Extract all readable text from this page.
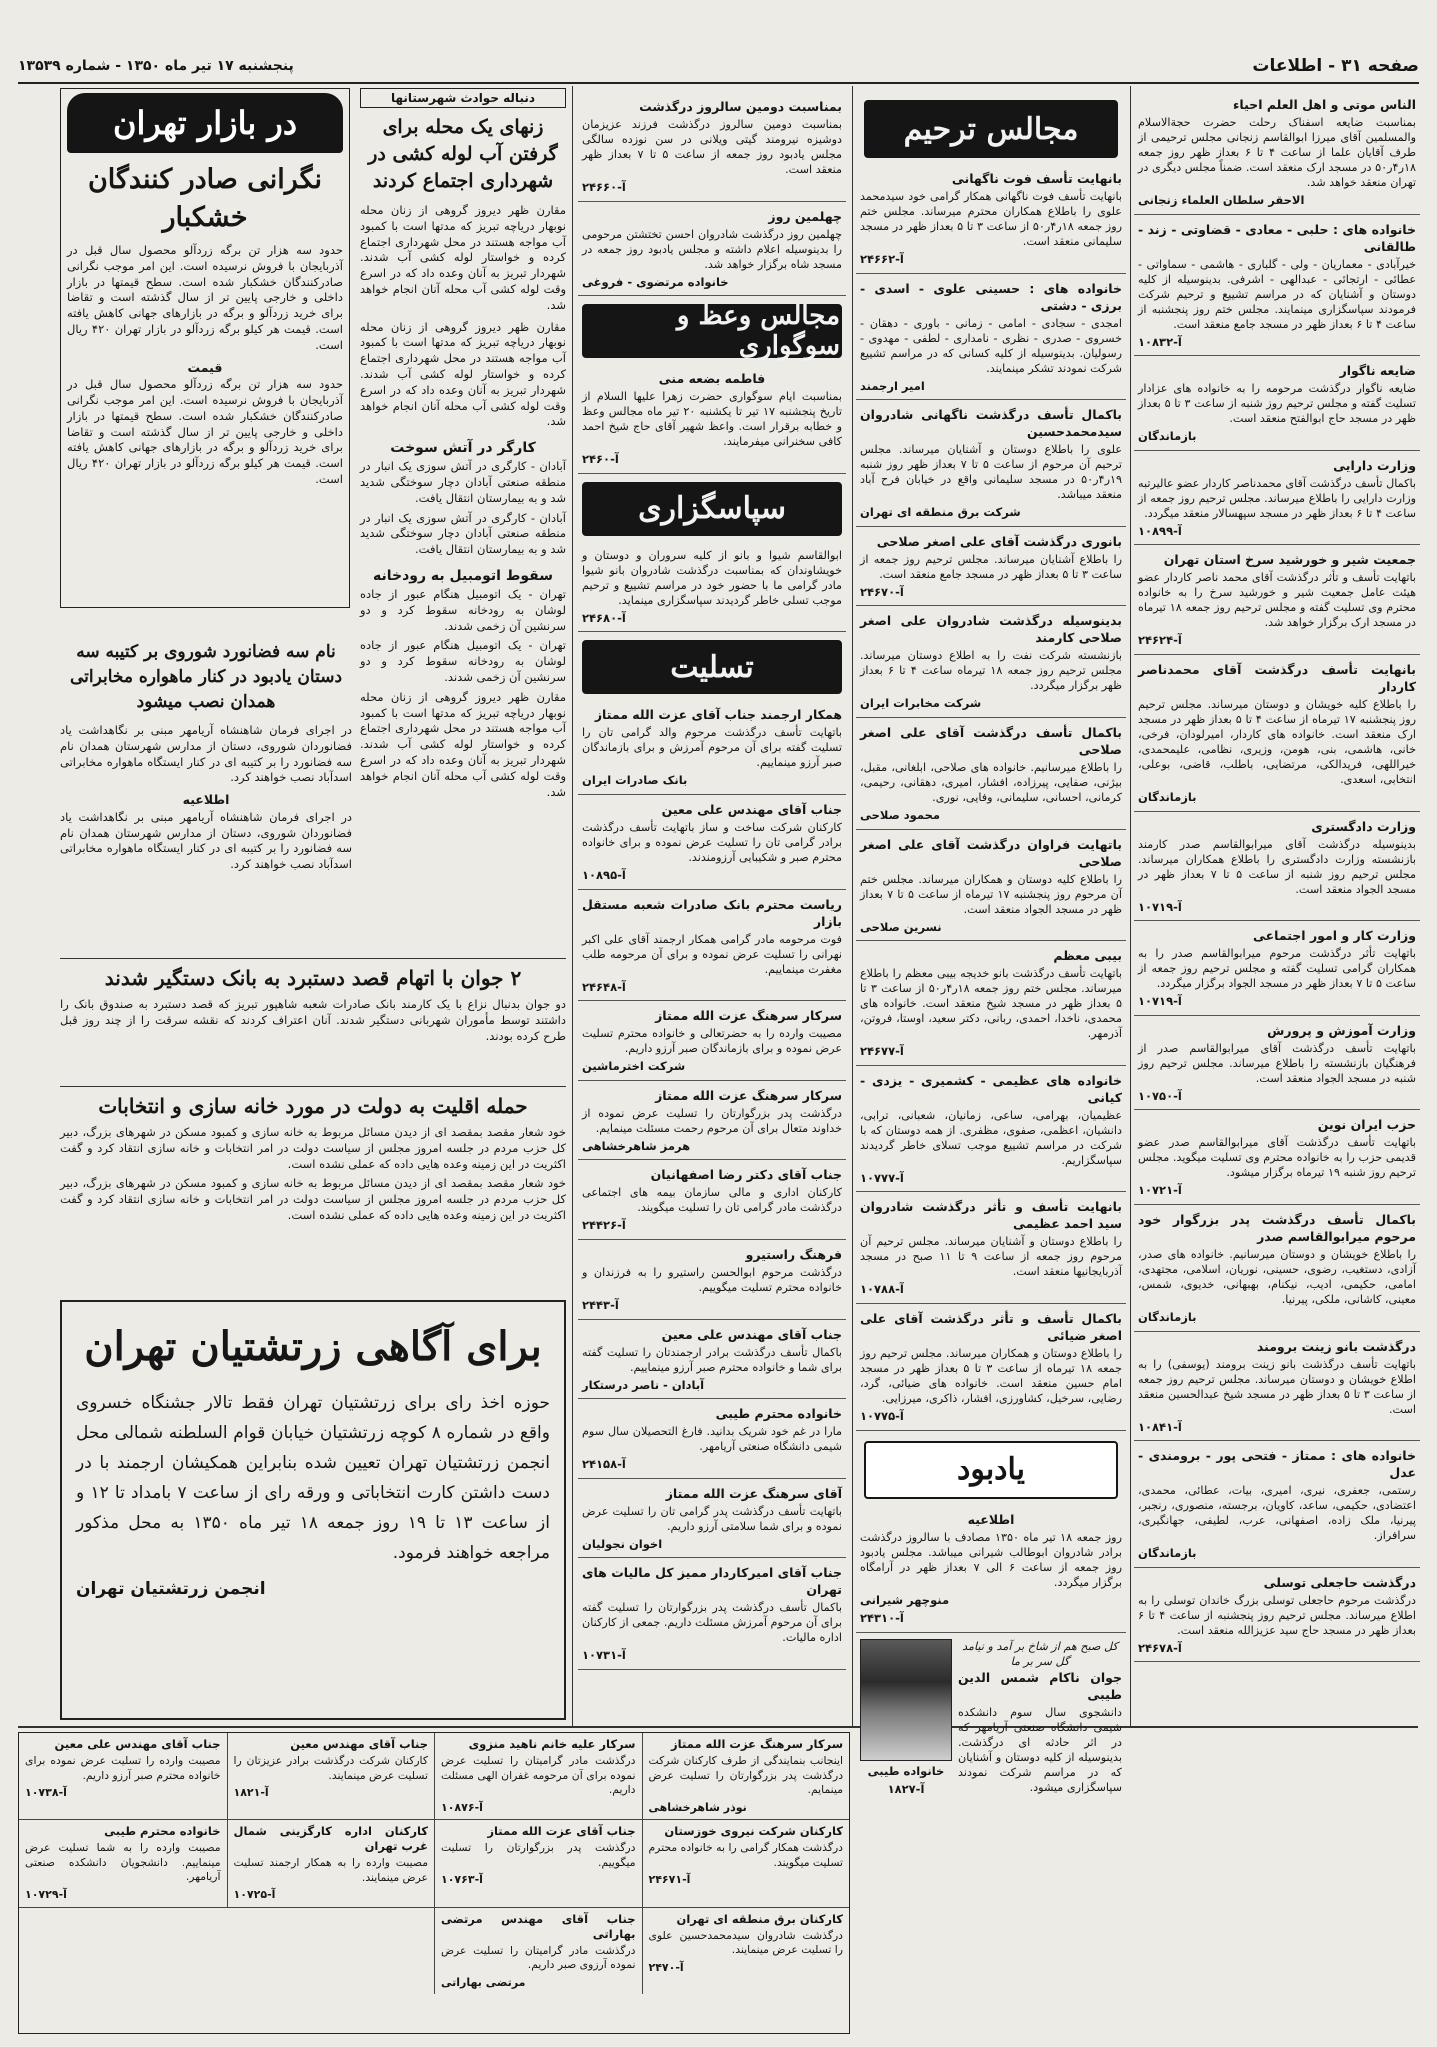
صفحه ۳۱ - اطلاعات
پنجشنبه ۱۷ تیر ماه ۱۳۵۰ - شماره ۱۳۵۳۹

الناس موتی و اهل العلم احیاء

بمناسبت ضایعه اسفناک رحلت حضرت حجةالاسلام والمسلمین آقای میرزا ابوالقاسم زنجانی مجلس ترحیمی از طرف آقایان علما از ساعت ۴ تا ۶ بعداز ظهر روز جمعه ۱۸ر۴ر۵۰ در مسجد ارک منعقد است. ضمناً مجلس دیگری در تهران منعقد خواهد شد.

الاحقر سلطان العلماء زنجانی

خانواده های : حلبی - معادی - قضاوتی - زند - طالقانی

خیرآبادی - معماریان - ولی - گلباری - هاشمی - سماواتی - عطائی - ارتجائی - عبدالهی - اشرفی. بدینوسیله از کلیه دوستان و آشنایان که در مراسم تشییع و ترحیم شرکت فرمودند سپاسگزاری مینمایند. مجلس ختم روز پنجشنبه از ساعت ۴ تا ۶ بعداز ظهر در مسجد جامع منعقد است.

آ-۱۰۸۳۲

ضایعه ناگوار

ضایعه ناگوار درگذشت مرحومه را به خانواده های عزادار تسلیت گفته و مجلس ترحیم روز شنبه از ساعت ۳ تا ۵ بعداز ظهر در مسجد حاج ابوالفتح منعقد است.

بازماندگان

وزارت دارایی

باکمال تأسف درگذشت آقای محمدناصر کاردار عضو عالیرتبه وزارت دارایی را باطلاع میرساند. مجلس ترحیم روز جمعه از ساعت ۴ تا ۶ بعداز ظهر در مسجد سپهسالار منعقد میگردد.

آ-۱۰۸۹۹

جمعیت شیر و خورشید سرخ استان تهران

باتهایت تأسف و تأثر درگذشت آقای محمد ناصر کاردار عضو هیئت عامل جمعیت شیر و خورشید سرخ را به خانواده محترم وی تسلیت گفته و مجلس ترحیم روز جمعه ۱۸ تیرماه در مسجد ارک برگزار خواهد شد.

آ-۲۴۶۲۴

بانهایت تأسف درگذشت آقای محمدناصر کاردار

را باطلاع کلیه خویشان و دوستان میرساند. مجلس ترحیم روز پنجشنبه ۱۷ تیرماه از ساعت ۴ تا ۵ بعداز ظهر در مسجد ارک منعقد است. خانواده های کاردار، امیرلودان، فرخی، خانی، هاشمی، بنی، هومن، وزیری، نظامی، علیمحمدی، خیراللهی، فریدالکی، مرتضایی، باطلب، قاضی، بوعلی، انتخابی، اسعدی.

بازماندگان

وزارت دادگستری

بدینوسیله درگذشت آقای میرابوالقاسم صدر کارمند بازنشسته وزارت دادگستری را باطلاع همکاران میرساند. مجلس ترحیم روز شنبه از ساعت ۵ تا ۷ بعداز ظهر در مسجد الجواد منعقد است.

آ-۱۰۷۱۹

وزارت کار و امور اجتماعی

باتهایت تأثر درگذشت مرحوم میرابوالقاسم صدر را به همکاران گرامی تسلیت گفته و مجلس ترحیم روز جمعه از ساعت ۵ تا ۷ بعداز ظهر در مسجد الجواد برگزار میگردد.

آ-۱۰۷۱۹

وزارت آموزش و پرورش

باتهایت تأسف درگذشت آقای میرابوالقاسم صدر از فرهنگیان بازنشسته را باطلاع میرساند. مجلس ترحیم روز شنبه در مسجد الجواد منعقد است.

آ-۱۰۷۵۰

حزب ایران نوین

باتهایت تأسف درگذشت آقای میرابوالقاسم صدر عضو قدیمی حزب را به خانواده محترم وی تسلیت میگوید. مجلس ترحیم روز شنبه ۱۹ تیرماه برگزار میشود.

آ-۱۰۷۲۱

باکمال تأسف درگذشت پدر بزرگوار خود مرحوم میرابوالقاسم صدر

را باطلاع خویشان و دوستان میرسانیم. خانواده های صدر، آزادی، دستغیب، رضوی، حسینی، نوریان، اسلامی، مجتهدی، امامی، حکیمی، ادیب، نیکنام، بهبهانی، خدیوی، شمس، معینی، کاشانی، ملکی، پیرنیا.

بازماندگان

درگذشت بانو زینت برومند

باتهایت تأسف درگذشت بانو زینت برومند (یوسفی) را به اطلاع خویشان و دوستان میرساند. مجلس ترحیم روز جمعه از ساعت ۳ تا ۵ بعداز ظهر در مسجد شیخ عبدالحسین منعقد است.

آ-۱۰۸۴۱

خانواده های : ممتاز - فتحی پور - برومندی - عدل

رستمی، جعفری، نیری، امیری، بیات، عطائی، محمدی، اعتضادی، حکیمی، ساعد، کاویان، برجسته، منصوری، رنجبر، پیرنیا، ملک زاده، اصفهانی، عرب، لطیفی، جهانگیری، سرافراز.

بازماندگان

درگذشت حاجعلی توسلی

درگذشت مرحوم حاجعلی توسلی بزرگ خاندان توسلی را به اطلاع میرساند. مجلس ترحیم روز پنجشنبه از ساعت ۴ تا ۶ بعداز ظهر در مسجد حاج سید عزیزالله منعقد است.

آ-۲۴۶۷۸

مجالس ترحیم

بانهایت تأسف فوت ناگهانی

بانهایت تأسف فوت ناگهانی همکار گرامی خود سیدمحمد علوی را باطلاع همکاران محترم میرساند. مجلس ختم روز جمعه ۱۸ر۴ر۵۰ از ساعت ۳ تا ۵ بعداز ظهر در مسجد سلیمانی منعقد است.

آ-۲۴۶۶۲

خانواده های : حسینی علوی - اسدی - برزی - دشتی

امجدی - سجادی - امامی - زمانی - باوری - دهقان - خسروی - صدری - نظری - نامداری - لطفی - مهدوی - رسولیان. بدینوسیله از کلیه کسانی که در مراسم تشییع شرکت نمودند تشکر مینمایند.

امیر ارجمند

باکمال تأسف درگذشت ناگهانی شادروان سیدمحمدحسین

علوی را باطلاع دوستان و آشنایان میرساند. مجلس ترحیم آن مرحوم از ساعت ۵ تا ۷ بعداز ظهر روز شنبه ۱۹ر۴ر۵۰ در مسجد سلیمانی واقع در خیابان فرح آباد منعقد میباشد.

شرکت برق منطقه ای تهران

بانوری درگذشت آقای علی اصغر صلاحی

را باطلاع آشنایان میرساند. مجلس ترحیم روز جمعه از ساعت ۳ تا ۵ بعداز ظهر در مسجد جامع منعقد است.

آ-۲۴۶۷۰

بدینوسیله درگذشت شادروان علی اصغر صلاحی کارمند

بازنشسته شرکت نفت را به اطلاع دوستان میرساند. مجلس ترحیم روز جمعه ۱۸ تیرماه ساعت ۴ تا ۶ بعداز ظهر برگزار میگردد.

شرکت مخابرات ایران

باکمال تأسف درگذشت آقای علی اصغر صلاحی

را باطلاع میرسانیم. خانواده های صلاحی، ابلغانی، مقبل، بیژنی، صفایی، پیرزاده، افشار، امیری، دهقانی، رحیمی، کرمانی، احسانی، سلیمانی، وفایی، نوری.

محمود صلاحی

باتهایت فراوان درگذشت آقای علی اصغر صلاحی

را باطلاع کلیه دوستان و همکاران میرساند. مجلس ختم آن مرحوم روز پنجشنبه ۱۷ تیرماه از ساعت ۵ تا ۷ بعداز ظهر در مسجد الجواد منعقد است.

نسرین صلاحی

بیبی معظم

باتهایت تأسف درگذشت بانو خدیجه بیبی معظم را باطلاع میرساند. مجلس ختم روز جمعه ۱۸ر۴ر۵۰ از ساعت ۳ تا ۵ بعداز ظهر در مسجد شیخ منعقد است. خانواده های محمدی، ناخدا، احمدی، ربانی، دکتر سعید، اوستا، فروتن، آذرمهر.

آ-۲۴۶۷۷

خانواده های عظیمی - کشمیری - یزدی - کیانی

عظیمیان، بهرامی، ساعی، زمانیان، شعبانی، ترابی، دانشیان، اعظمی، صفوی، مظفری. از همه دوستان که با شرکت در مراسم تشییع موجب تسلای خاطر گردیدند سپاسگزاریم.

آ-۱۰۷۷۷

بانهایت تأسف و تأثر درگذشت شادروان سید احمد عظیمی

را باطلاع دوستان و آشنایان میرساند. مجلس ترحیم آن مرحوم روز جمعه از ساعت ۹ تا ۱۱ صبح در مسجد آذربایجانیها منعقد است.

آ-۱۰۷۸۸

باکمال تأسف و تأثر درگذشت آقای علی اصغر ضیائی

را باطلاع دوستان و همکاران میرساند. مجلس ترحیم روز جمعه ۱۸ تیرماه از ساعت ۳ تا ۵ بعداز ظهر در مسجد امام حسین منعقد است. خانواده های ضیائی، گرد، رضایی، سرخیل، کشاورزی، افشار، ذاکری، میرزایی.

آ-۱۰۷۷۵

یادبود

اطلاعیه

روز جمعه ۱۸ تیر ماه ۱۳۵۰ مصادف با سالروز درگذشت برادر شادروان ابوطالب شیرانی میباشد. مجلس یادبود روز جمعه از ساعت ۶ الی ۷ بعداز ظهر در آرامگاه برگزار میگردد.

منوچهر شیرانی

آ-۲۴۳۱۰

کل صبح هم از شاخ بر آمد و نیامد گل سر بر ما

جوان ناکام شمس الدین طیبی

دانشجوی سال سوم دانشکده شیمی دانشگاه صنعتی آریامهر که در اثر حادثه ای درگذشت. بدینوسیله از کلیه دوستان و آشنایان که در مراسم شرکت نمودند سپاسگزاری میشود.

خانواده طیبی

آ-۱۸۲۷

بمناسبت دومین سالروز درگذشت

بمناسبت دومین سالروز درگذشت فرزند عزیزمان دوشیزه نیرومند گیتی ویلانی در سن نوزده سالگی مجلس یادبود روز جمعه از ساعت ۵ تا ۷ بعداز ظهر منعقد است.

آ-۲۴۶۶۰

چهلمین روز

چهلمین روز درگذشت شادروان احسن تختشتن مرحومی را بدینوسیله اعلام داشته و مجلس یادبود روز جمعه در مسجد شاه برگزار خواهد شد.

خانواده مرتضوی - فروغی

مجالس وعظ و سوگواری

فاطمه بضعه منی

بمناسبت ایام سوگواری حضرت زهرا علیها السلام از تاریخ پنجشنبه ۱۷ تیر تا یکشنبه ۲۰ تیر ماه مجالس وعظ و خطابه برقرار است. واعظ شهیر آقای حاج شیخ احمد کافی سخنرانی میفرمایند.

آ-۲۴۶۰

سپاسگزاری

ابوالقاسم شیوا و بانو از کلیه سروران و دوستان و خویشاوندان که بمناسبت درگذشت شادروان بانو شیوا مادر گرامی ما با حضور خود در مراسم تشییع و ترحیم موجب تسلی خاطر گردیدند سپاسگزاری مینماید.

آ-۲۴۶۸۰

تسلیت

همکار ارجمند جناب آقای عزت الله ممتاز

باتهایت تأسف درگذشت مرحوم والد گرامی تان را تسلیت گفته برای آن مرحوم آمرزش و برای بازماندگان صبر آرزو مینماییم.

بانک صادرات ایران

جناب آقای مهندس علی معین

کارکنان شرکت ساخت و ساز باتهایت تأسف درگذشت برادر گرامی تان را تسلیت عرض نموده و برای خانواده محترم صبر و شکیبایی آرزومندند.

آ-۱۰۸۹۵

ریاست محترم بانک صادرات شعبه مستقل بازار

فوت مرحومه مادر گرامی همکار ارجمند آقای علی اکبر نهرانی را تسلیت عرض نموده و برای آن مرحومه طلب مغفرت مینماییم.

آ-۲۴۶۴۸

سرکار سرهنگ عزت الله ممتاز

مصیبت وارده را به حضرتعالی و خانواده محترم تسلیت عرض نموده و برای بازماندگان صبر آرزو داریم.

شرکت اخترماشین

سرکار سرهنگ عزت الله ممتاز

درگذشت پدر بزرگوارتان را تسلیت عرض نموده از خداوند متعال برای آن مرحوم رحمت مسئلت مینمایم.

هرمز شاهرخشاهی

جناب آقای دکتر رضا اصفهانیان

کارکنان اداری و مالی سازمان بیمه های اجتماعی درگذشت مادر گرامی تان را تسلیت میگویند.

آ-۲۴۴۲۶

فرهنگ راستیرو

درگذشت مرحوم ابوالحسن راستیرو را به فرزندان و خانواده محترم تسلیت میگوییم.

آ-۲۴۴۳

جناب آقای مهندس علی معین

باکمال تأسف درگذشت برادر ارجمندتان را تسلیت گفته برای شما و خانواده محترم صبر آرزو مینماییم.

آبادان - ناصر درستکار

خانواده محترم طیبی

مارا در غم خود شریک بدانید. فارغ التحصیلان سال سوم شیمی دانشگاه صنعتی آریامهر.

آ-۲۴۱۵۸

آقای سرهنگ عزت الله ممتاز

باتهایت تأسف درگذشت پدر گرامی تان را تسلیت عرض نموده و برای شما سلامتی آرزو داریم.

اخوان نجولیان

جناب آقای امیرکاردار ممیز کل مالیات های تهران

باکمال تأسف درگذشت پدر بزرگوارتان را تسلیت گفته برای آن مرحوم آمرزش مسئلت داریم. جمعی از کارکنان اداره مالیات.

آ-۱۰۷۳۱

در بازار تهران
نگرانی صادر کنندگان خشکبار

حدود سه هزار تن برگه زردآلو محصول سال قبل در آذربایجان با فروش نرسیده است. این امر موجب نگرانی صادرکنندگان خشکبار شده است. سطح قیمتها در بازار داخلی و خارجی پایین تر از سال گذشته است و تقاضا برای خرید زردآلو و برگه در بازارهای جهانی کاهش یافته است. قیمت هر کیلو برگه زردآلو در بازار تهران ۴۲۰ ریال است.

قیمت

حدود سه هزار تن برگه زردآلو محصول سال قبل در آذربایجان با فروش نرسیده است. این امر موجب نگرانی صادرکنندگان خشکبار شده است. سطح قیمتها در بازار داخلی و خارجی پایین تر از سال گذشته است و تقاضا برای خرید زردآلو و برگه در بازارهای جهانی کاهش یافته است. قیمت هر کیلو برگه زردآلو در بازار تهران ۴۲۰ ریال است.

دنباله حوادث شهرستانها
زنهای یک محله برای گرفتن آب لوله کشی در شهرداری اجتماع کردند

مقارن ظهر دیروز گروهی از زنان محله نوبهار دریاچه تبریز که مدتها است با کمبود آب مواجه هستند در محل شهرداری اجتماع کرده و خواستار لوله کشی آب شدند. شهردار تبریز به آنان وعده داد که در اسرع وقت لوله کشی آب محله آنان انجام خواهد شد.

مقارن ظهر دیروز گروهی از زنان محله نوبهار دریاچه تبریز که مدتها است با کمبود آب مواجه هستند در محل شهرداری اجتماع کرده و خواستار لوله کشی آب شدند. شهردار تبریز به آنان وعده داد که در اسرع وقت لوله کشی آب محله آنان انجام خواهد شد.

کارگر در آتش سوخت

آبادان - کارگری در آتش سوزی یک انبار در منطقه صنعتی آبادان دچار سوختگی شدید شد و به بیمارستان انتقال یافت.

آبادان - کارگری در آتش سوزی یک انبار در منطقه صنعتی آبادان دچار سوختگی شدید شد و به بیمارستان انتقال یافت.

سقوط اتومبیل به رودخانه

تهران - یک اتومبیل هنگام عبور از جاده لوشان به رودخانه سقوط کرد و دو سرنشین آن زخمی شدند.

تهران - یک اتومبیل هنگام عبور از جاده لوشان به رودخانه سقوط کرد و دو سرنشین آن زخمی شدند.

مقارن ظهر دیروز گروهی از زنان محله نوبهار دریاچه تبریز که مدتها است با کمبود آب مواجه هستند در محل شهرداری اجتماع کرده و خواستار لوله کشی آب شدند. شهردار تبریز به آنان وعده داد که در اسرع وقت لوله کشی آب محله آنان انجام خواهد شد.

نام سه فضانورد شوروی بر کتیبه سه دستان یادبود در کنار ماهواره مخابراتی همدان نصب میشود

در اجرای فرمان شاهنشاه آریامهر مبنی بر نگاهداشت یاد فضانوردان شوروی، دستان از مدارس شهرستان همدان نام سه فضانورد را بر کتیبه ای در کنار ایستگاه ماهواره مخابراتی اسدآباد نصب خواهند کرد.

اطلاعیه

در اجرای فرمان شاهنشاه آریامهر مبنی بر نگاهداشت یاد فضانوردان شوروی، دستان از مدارس شهرستان همدان نام سه فضانورد را بر کتیبه ای در کنار ایستگاه ماهواره مخابراتی اسدآباد نصب خواهند کرد.

۲ جوان با اتهام قصد دستبرد به بانک دستگیر شدند

دو جوان بدنبال نزاع با یک کارمند بانک صادرات شعبه شاهپور تبریز که قصد دستبرد به صندوق بانک را داشتند توسط مأموران شهربانی دستگیر شدند. آنان اعتراف کردند که نقشه سرقت را از چند روز قبل طرح کرده بودند.

حمله اقلیت به دولت در مورد خانه سازی و انتخابات

خود شعار مقصد بمقصد ای از دیدن مسائل مربوط به خانه سازی و کمبود مسکن در شهرهای بزرگ، دبیر کل حزب مردم در جلسه امروز مجلس از سیاست دولت در امر انتخابات و خانه سازی انتقاد کرد و گفت اکثریت در این زمینه وعده هایی داده که عملی نشده است.

خود شعار مقصد بمقصد ای از دیدن مسائل مربوط به خانه سازی و کمبود مسکن در شهرهای بزرگ، دبیر کل حزب مردم در جلسه امروز مجلس از سیاست دولت در امر انتخابات و خانه سازی انتقاد کرد و گفت اکثریت در این زمینه وعده هایی داده که عملی نشده است.

برای آگاهی زرتشتیان تهران

حوزه اخذ رای برای زرتشتیان تهران فقط تالار جشنگاه خسروی واقع در شماره ۸ کوچه زرتشتیان خیابان قوام السلطنه شمالی محل انجمن زرتشتیان تهران تعیین شده بنابراین همکیشان ارجمند با در دست داشتن کارت انتخاباتی و ورقه رای از ساعت ۷ بامداد تا ۱۲ و از ساعت ۱۳ تا ۱۹ روز جمعه ۱۸ تیر ماه ۱۳۵۰ به محل مذکور مراجعه خواهند فرمود.

انجمن زرتشتیان تهران

سرکار سرهنگ عزت الله ممتاز

اینجانب بنمایندگی از طرف کارکنان شرکت درگذشت پدر بزرگوارتان را تسلیت عرض مینمایم.

نوذر شاهرخشاهی

سرکار علیه خانم ناهید منزوی

درگذشت مادر گرامیتان را تسلیت عرض نموده برای آن مرحومه غفران الهی مسئلت داریم.

آ-۱۰۸۷۶

جناب آقای مهندس معین

کارکنان شرکت درگذشت برادر عزیزتان را تسلیت عرض مینمایند.

آ-۱۸۲۱

جناب آقای مهندس علی معین

مصیبت وارده را تسلیت عرض نموده برای خانواده محترم صبر آرزو داریم.

آ-۱۰۷۳۸

کارکنان شرکت نیروی خوزستان

درگذشت همکار گرامی را به خانواده محترم تسلیت میگویند.

آ-۲۴۶۷۱

جناب آقای عزت الله ممتاز

درگذشت پدر بزرگوارتان را تسلیت میگوییم.

آ-۱۰۷۶۳

کارکنان اداره کارگزینی شمال غرب تهران

مصیبت وارده را به همکار ارجمند تسلیت عرض مینمایند.

آ-۱۰۷۲۵

خانواده محترم طیبی

مصیبت وارده را به شما تسلیت عرض مینماییم. دانشجویان دانشکده صنعتی آریامهر.

آ-۱۰۷۲۹

کارکنان برق منطقه ای تهران

درگذشت شادروان سیدمحمدحسین علوی را تسلیت عرض مینمایند.

آ-۲۴۷۰

جناب آقای مهندس مرتضی بهاراتی

درگذشت مادر گرامیتان را تسلیت عرض نموده آرزوی صبر داریم.

مرتضی بهاراتی
